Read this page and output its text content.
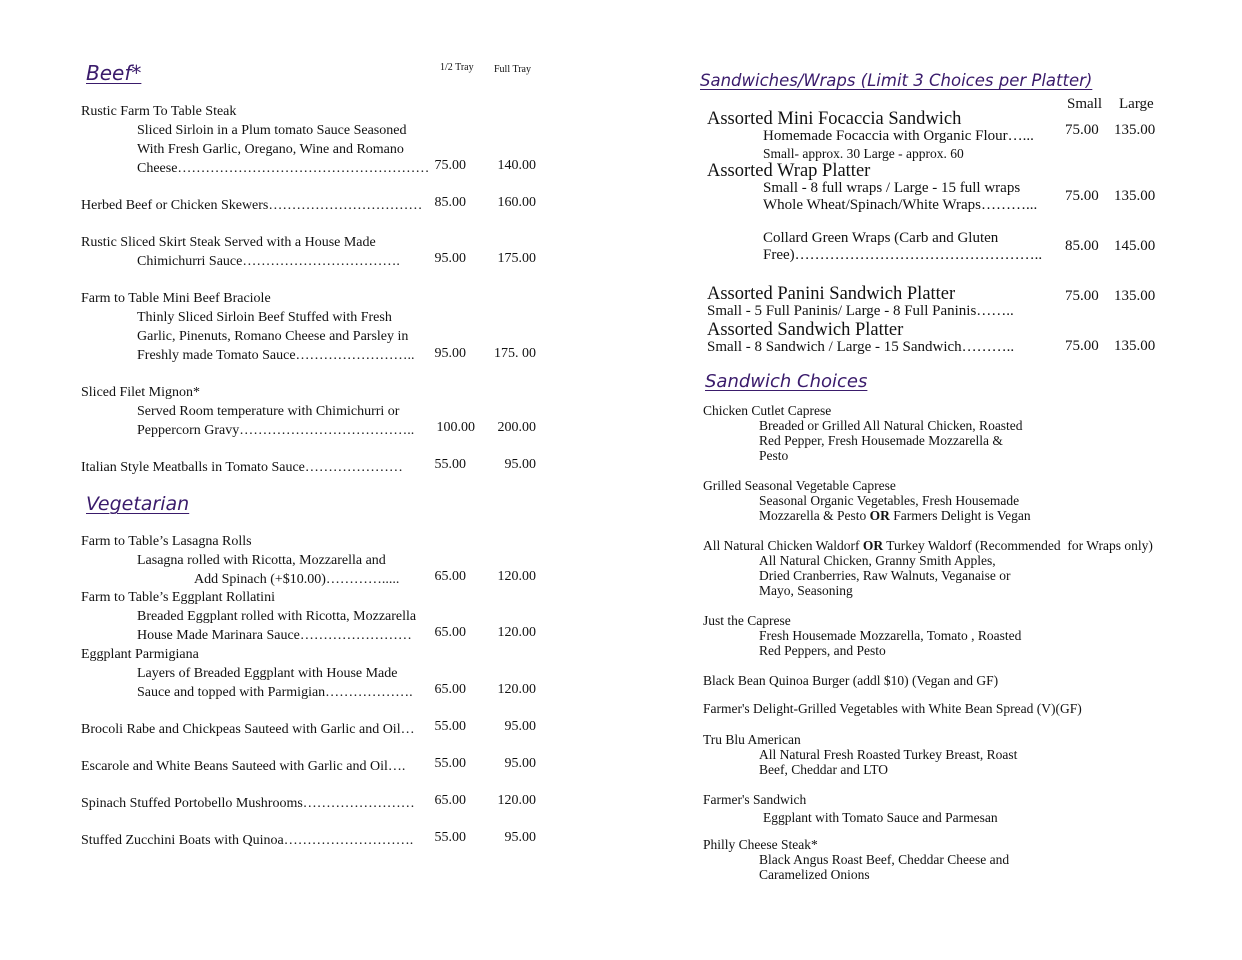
Beef*	1/2 Tray Full Tray
Rustic Farm To Table Steak
Sliced Sirloin in a Plum tomato Sauce Seasoned
With Fresh Garlic, Oregano, Wine and Romano
Cheese……………………………………………… 75.00	140.00
Herbed Beef or Chicken Skewers…………………………… 85.00	160.00
Rustic Sliced Skirt Steak Served with a House Made
Chimichurri Sauce…………………………….	95.00	175.00
Farm to Table Mini Beef Braciole
Thinly Sliced Sirloin Beef Stuffed with Fresh
Garlic, Pinenuts, Romano Cheese and Parsley in
Freshly made Tomato Sauce……………………..	95.00	175. 00
Sliced Filet Mignon*
Served Room temperature with Chimichurri or
Peppercorn Gravy………………………………..	100.00	200.00
Italian Style Meatballs in Tomato Sauce…………………	55.00	95.00
Vegetarian
Farm to Table’s Lasagna Rolls
Lasagna rolled with Ricotta, Mozzarella and
Add Spinach (+$10.00)………….....	65.00	120.00
Farm to Table’s Eggplant Rollatini
Breaded Eggplant rolled with Ricotta, Mozzarella
House Made Marinara Sauce……………………	65.00	120.00
Eggplant Parmigiana
Layers of Breaded Eggplant with House Made
Sauce and topped with Parmigian……………….	65.00	120.00
Brocoli Rabe and Chickpeas Sauteed with Garlic and Oil…	55.00	95.00
Escarole and White Beans Sauteed with Garlic and Oil….	55.00	95.00
Spinach Stuffed Portobello Mushrooms……………………	65.00	120.00
Stuffed Zucchini Boats with Quinoa……………………….	55.00	95.00
Sandwiches/Wraps (Limit 3 Choices per Platter)
Small Large
Assorted Mini Focaccia Sandwich
Homemade Focaccia with Organic Flour…...
Small- approx. 30 Large - approx. 60
75.00 135.00
Assorted Wrap Platter
Small - 8 full wraps / Large - 15 full wraps
Whole Wheat/Spinach/White Wraps………...
75.00 135.00
Collard Green Wraps (Carb and Gluten
Free)…………………………………………..
85.00 145.00
Assorted Panini Sandwich Platter
Small - 5 Full Paninis/ Large - 8 Full Paninis……..
75.00 135.00
Assorted Sandwich Platter
Small - 8 Sandwich / Large - 15 Sandwich………..	75.00 135.00
Sandwich Choices
Chicken Cutlet Caprese
Breaded or Grilled All Natural Chicken, Roasted
Red Pepper, Fresh Housemade Mozzarella &
Pesto
Grilled Seasonal Vegetable Caprese
Seasonal Organic Vegetables, Fresh Housemade
Mozzarella & Pesto OR Farmers Delight is Vegan
All Natural Chicken Waldorf OR Turkey Waldorf (Recommended  for Wraps only)
All Natural Chicken, Granny Smith Apples,
Dried Cranberries, Raw Walnuts, Veganaise or
Mayo, Seasoning
Just the Caprese
Fresh Housemade Mozzarella, Tomato , Roasted
Red Peppers, and Pesto
Black Bean Quinoa Burger (addl $10) (Vegan and GF)
Farmer's Delight-Grilled Vegetables with White Bean Spread (V)(GF)
Tru Blu American
All Natural Fresh Roasted Turkey Breast, Roast
Beef, Cheddar and LTO
Farmer's Sandwich
Eggplant with Tomato Sauce and Parmesan
Philly Cheese Steak*
Black Angus Roast Beef, Cheddar Cheese and
Caramelized Onions
